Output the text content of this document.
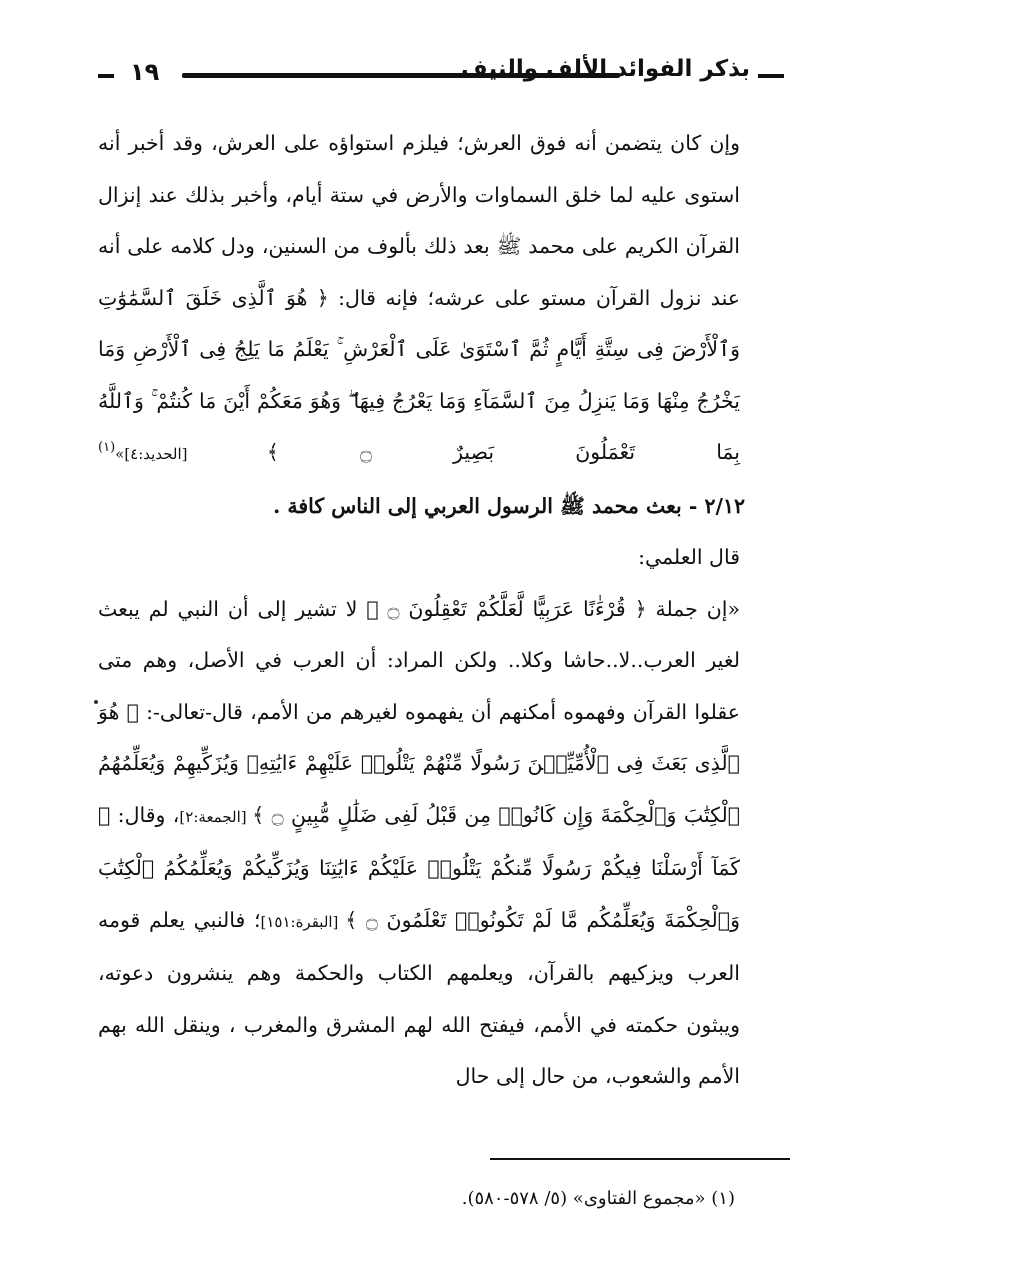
١٩	بذكر الفوائد الألف والنيف

وإن كان يتضمن أنه فوق العرش؛ فيلزم استواؤه على العرش، وقد أخبر أنه استوى عليه لما خلق السماوات والأرض في ستة أيام، وأخبر بذلك عند إنزال القرآن الكريم على محمد ﷺ بعد ذلك بألوف من السنين، ودل كلامه على أنه عند نزول القرآن مستو على عرشه؛ فإنه قال: ﴿ هُوَ ٱلَّذِى خَلَقَ ٱلسَّمَٰوَٰتِ وَٱلْأَرْضَ فِى سِتَّةِ أَيَّامٍ ثُمَّ ٱسْتَوَىٰ عَلَى ٱلْعَرْشِ ۚ يَعْلَمُ مَا يَلِجُ فِى ٱلْأَرْضِ وَمَا يَخْرُجُ مِنْهَا وَمَا يَنزِلُ مِنَ ٱلسَّمَآءِ وَمَا يَعْرُجُ فِيهَا ۖ وَهُوَ مَعَكُمْ أَيْنَ مَا كُنتُمْ ۚ وَٱللَّهُ بِمَا تَعْمَلُونَ بَصِيرٌ ۝ ﴾ [الحديد:٤]»$^{(١)}$

٢/١٢ - بعث محمد ﷺ الرسول العربي إلى الناس كافة .

قال العلمي:

«إن جملة ﴿ قُرْءَٰنًا عَرَبِيًّا لَّعَلَّكُمْ تَعْقِلُونَ ۝ ﴾ لا تشير إلى أن النبي لم يبعث لغير العرب..لا..حاشا وكلا.. ولكن المراد: أن العرب في الأصل، وهم متى عقلوا القرآن وفهموه أمكنهم أن يفهموه لغيرهم من الأمم، قال-تعالى-: ﴿ هُوَ ٱلَّذِى بَعَثَ فِى ٱلْأُمِّيِّـۧنَ رَسُولًا مِّنْهُمْ يَتْلُوا۟ عَلَيْهِمْ ءَايَٰتِهِۦ وَيُزَكِّيهِمْ وَيُعَلِّمُهُمُ ٱلْكِتَٰبَ وَٱلْحِكْمَةَ وَإِن كَانُوا۟ مِن قَبْلُ لَفِى ضَلَٰلٍ مُّبِينٍ ۝ ﴾ [الجمعة:٢]، وقال: ﴿ كَمَآ أَرْسَلْنَا فِيكُمْ رَسُولًا مِّنكُمْ يَتْلُوا۟ عَلَيْكُمْ ءَايَٰتِنَا وَيُزَكِّيكُمْ وَيُعَلِّمُكُمُ ٱلْكِتَٰبَ وَٱلْحِكْمَةَ وَيُعَلِّمُكُم مَّا لَمْ تَكُونُوا۟ تَعْلَمُونَ ۝ ﴾ [البقرة:١٥١]؛ فالنبي يعلم قومه العرب ويزكيهم بالقرآن، ويعلمهم الكتاب والحكمة وهم ينشرون دعوته، ويبثون حكمته في الأمم، فيفتح الله لهم المشرق والمغرب ، وينقل الله بهم الأمم والشعوب، من حال إلى حال

(١) «مجموع الفتاوى» (٥/ ٥٧٨-٥٨٠).
